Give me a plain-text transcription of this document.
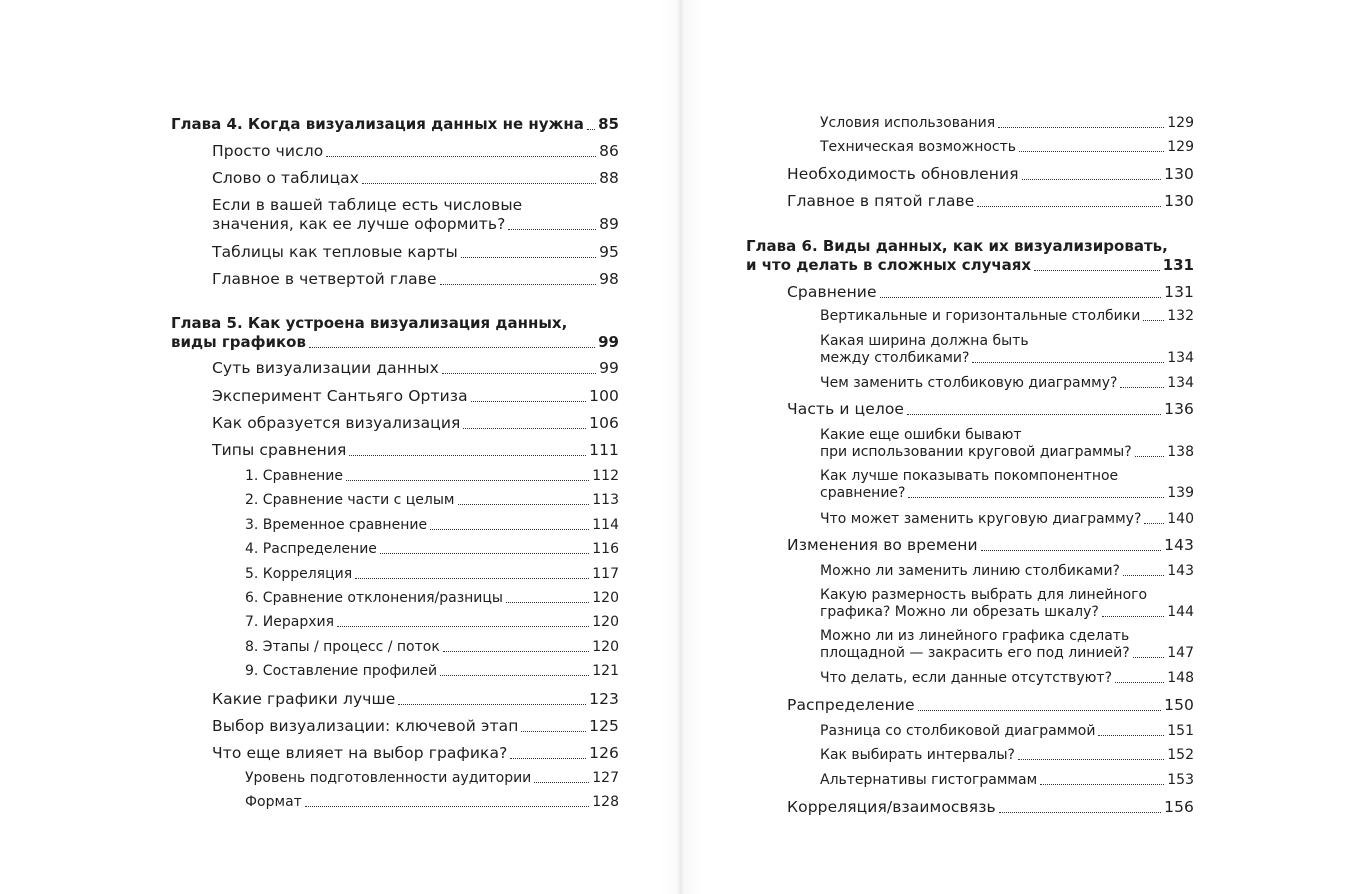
Глава 4. Когда визуализация данных не нужна 85
Просто число	86
Слово о таблицах	88
Если в вашей таблице есть числовые
значения, как ее лучше оформить?	89
Таблицы как тепловые карты	95
Главное в четвертой главе	98
Глава 5. Как устроена визуализация данных,
виды графиков	99
Суть визуализации данных	99
Эксперимент Сантьяго Ортиза	100
Как образуется визуализация	106
Типы сравнения	111
1. Сравнение	112
2. Сравнение части с целым	113
3. Временное сравнение	114
4. Распределение	116
5. Корреляция	117
6. Сравнение отклонения/разницы	120
7. Иерархия	120
8. Этапы / процесс / поток	120
9. Составление профилей	121
Какие графики лучше	123
Выбор визуализации: ключевой этап	125
Что еще влияет на выбор графика?	126
Уровень подготовленности аудитории	127
Формат	128
Условия использования	129
Техническая возможность	129
Необходимость обновления	130
Главное в пятой главе	130
Глава 6. Виды данных, как их визуализировать,
и что делать в сложных случаях	131
Сравнение	131
Вертикальные и горизонтальные столбики 132
Какая ширина должна быть
между столбиками?	134
Чем заменить столбиковую диаграмму?	134
Часть и целое	136
Какие еще ошибки бывают
при использовании круговой диаграммы?	138
Как лучше показывать покомпонентное
сравнение?	139
Что может заменить круговую диаграмму? 140
Изменения во времени	143
Можно ли заменить линию столбиками?	143
Какую размерность выбрать для линейного
графика? Можно ли обрезать шкалу?	144
Можно ли из линейного графика сделать
площадной — закрасить его под линией?	147
Что делать, если данные отсутствуют?	148
Распределение	150
Разница со столбиковой диаграммой	151
Как выбирать интервалы?	152
Альтернативы гистограммам	153
Корреляция/взаимосвязь	156
